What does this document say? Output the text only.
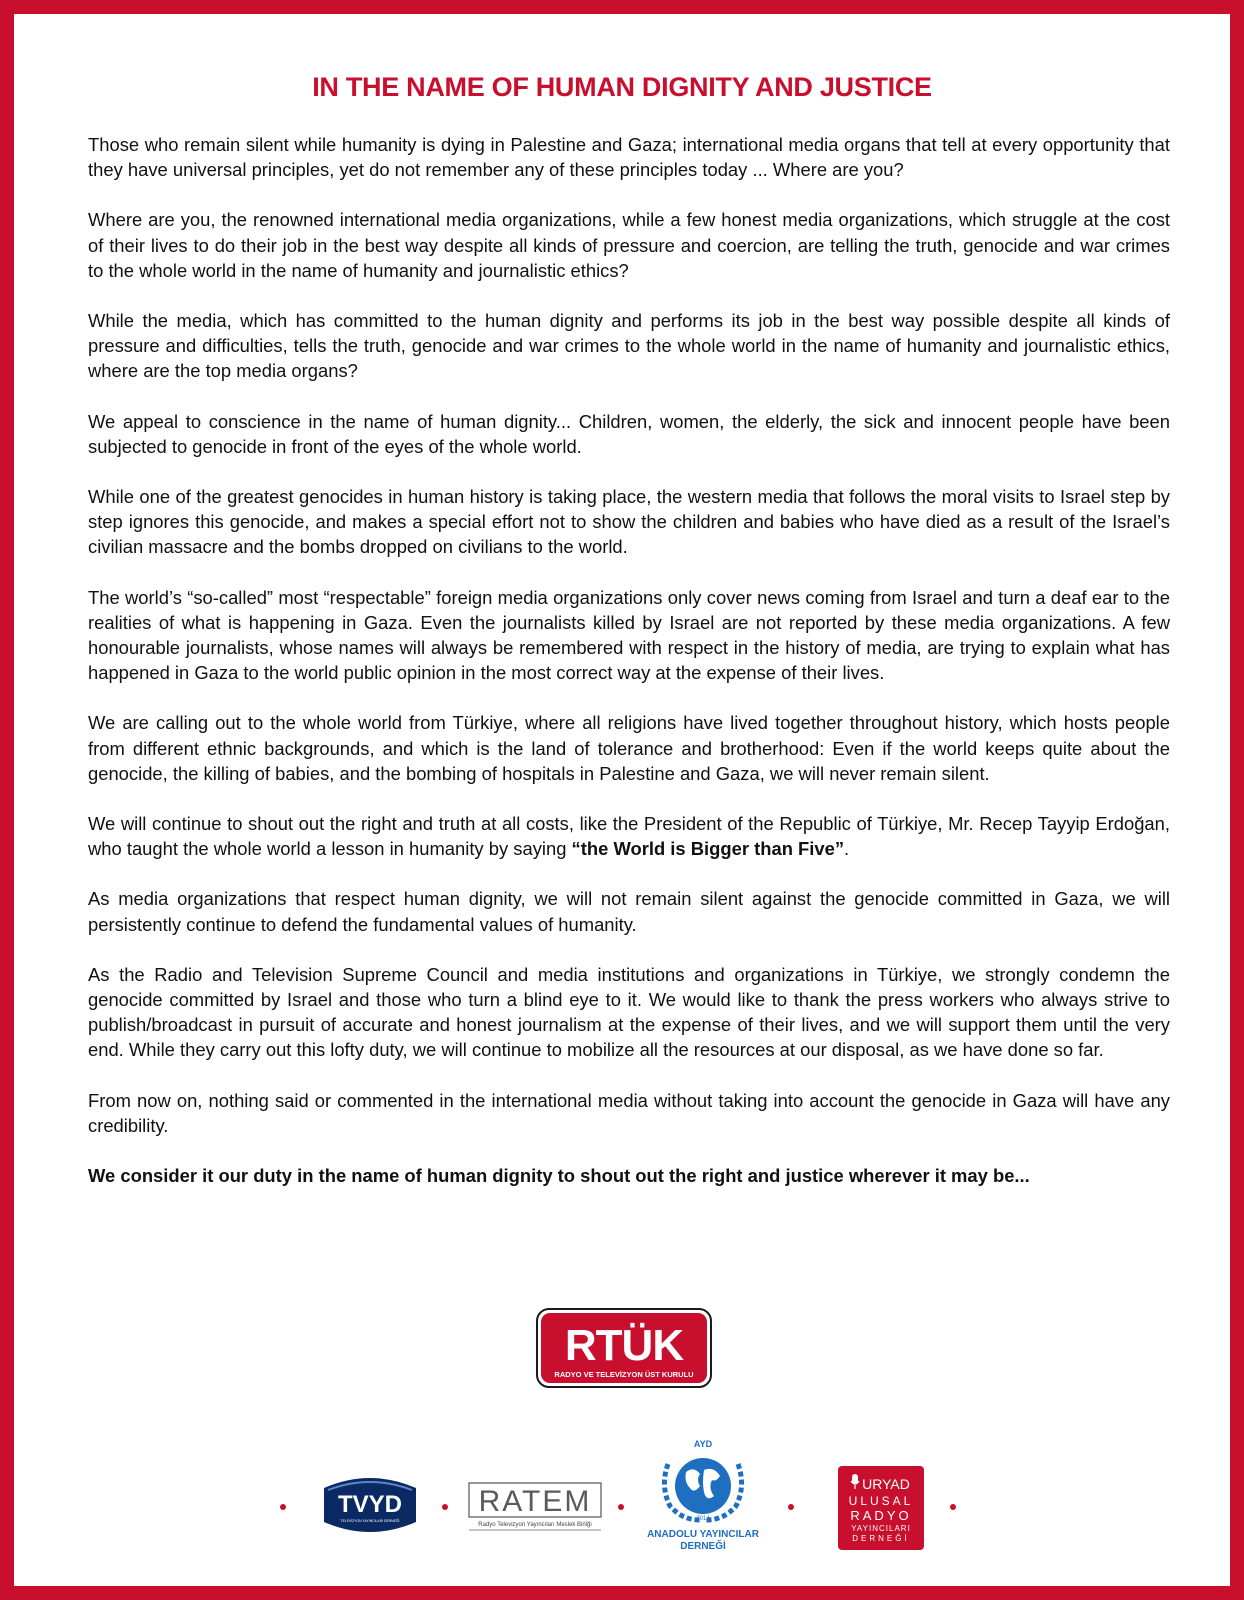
IN THE NAME OF HUMAN DIGNITY AND JUSTICE

Those who remain silent while humanity is dying in Palestine and Gaza; international media organs that tell at every opportunity that they have universal principles, yet do not remember any of these principles today ... Where are you?

Where are you, the renowned international media organizations, while a few honest media organizations, which struggle at the cost of their lives to do their job in the best way despite all kinds of pressure and coercion, are telling the truth, genocide and war crimes to the whole world in the name of humanity and journalistic ethics?

While the media, which has committed to the human dignity and performs its job in the best way possible despite all kinds of pressure and difficulties, tells the truth, genocide and war crimes to the whole world in the name of humanity and journalistic ethics, where are the top media organs?

We appeal to conscience in the name of human dignity... Children, women, the elderly, the sick and innocent people have been subjected to genocide in front of the eyes of the whole world.

While one of the greatest genocides in human history is taking place, the western media that follows the moral visits to Israel step by step ignores this genocide, and makes a special effort not to show the children and babies who have died as a result of the Israel’s civilian massacre and the bombs dropped on civilians to the world.

The world’s “so-called” most “respectable” foreign media organizations only cover news coming from Israel and turn a deaf ear to the realities of what is happening in Gaza. Even the journalists killed by Israel are not reported by these media organizations. A few honourable journalists, whose names will always be remembered with respect in the history of media, are trying to explain what has happened in Gaza to the world public opinion in the most correct way at the expense of their lives.

We are calling out to the whole world from Türkiye, where all religions have lived together throughout history, which hosts people from different ethnic backgrounds, and which is the land of tolerance and brotherhood: Even if the world keeps quite about the genocide, the killing of babies, and the bombing of hospitals in Palestine and Gaza, we will never remain silent.

We will continue to shout out the right and truth at all costs, like the President of the Republic of Türkiye, Mr. Recep Tayyip Erdoğan, who taught the whole world a lesson in humanity by saying “the World is Bigger than Five”.

As media organizations that respect human dignity, we will not remain silent against the genocide committed in Gaza, we will persistently continue to defend the fundamental values of humanity.

As the Radio and Television Supreme Council and media institutions and organizations in Türkiye, we strongly condemn the genocide committed by Israel and those who turn a blind eye to it. We would like to thank the press workers who always strive to publish/broadcast in pursuit of accurate and honest journalism at the expense of their lives, and we will support them until the very end. While they carry out this lofty duty, we will continue to mobilize all the resources at our disposal, as we have done so far.

From now on, nothing said or commented in the international media without taking into account the genocide in Gaza will have any credibility.

We consider it our duty in the name of human dignity to shout out the right and justice wherever it may be...

RTÜK
RADYO VE TELEVİZYON ÜST KURULU
TVYD
TELEVİZYON YAYINCILARI DERNEĞİ
RATEM
Radyo Televizyon Yayıncıları Meslek Birliği
AYD
2014
ANADOLU YAYINCILAR
DERNEĞİ
URYAD
ULUSAL
RADYO
YAYINCILARI
DERNEĞİ
